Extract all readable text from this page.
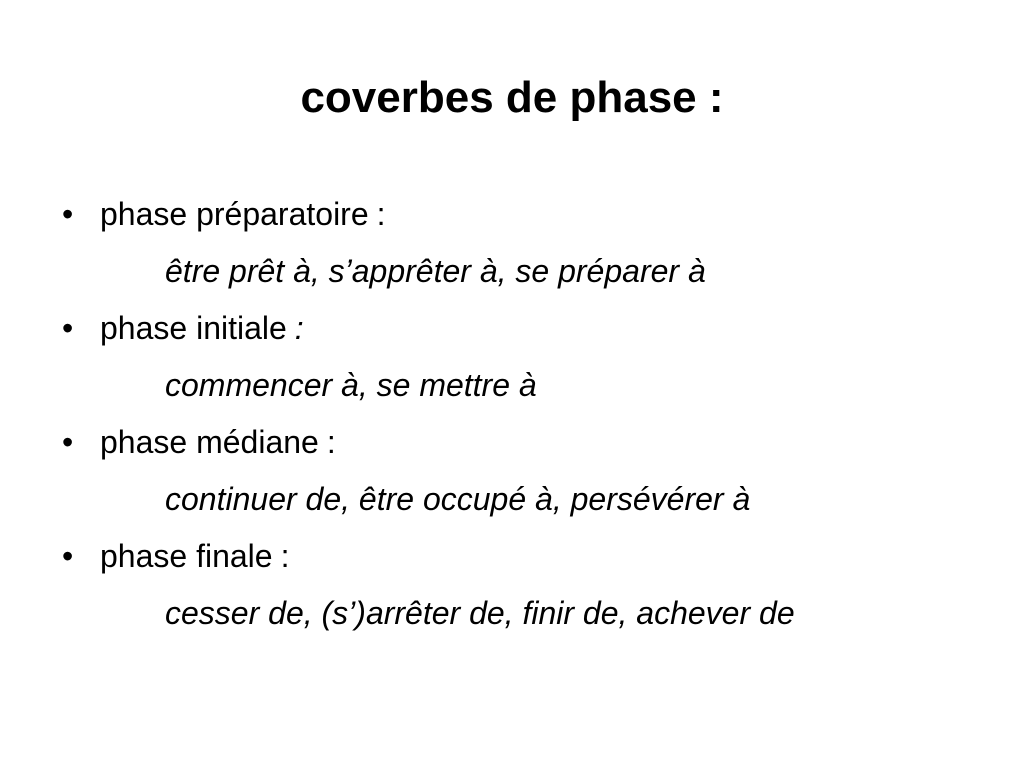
coverbes de phase :
• phase préparatoire :
être prêt à, s’apprêter à, se préparer à
• phase initiale :
commencer à, se mettre à
• phase médiane :
continuer de, être occupé à, persévérer à
• phase finale :
cesser de, (s’)arrêter de, finir de, achever de
